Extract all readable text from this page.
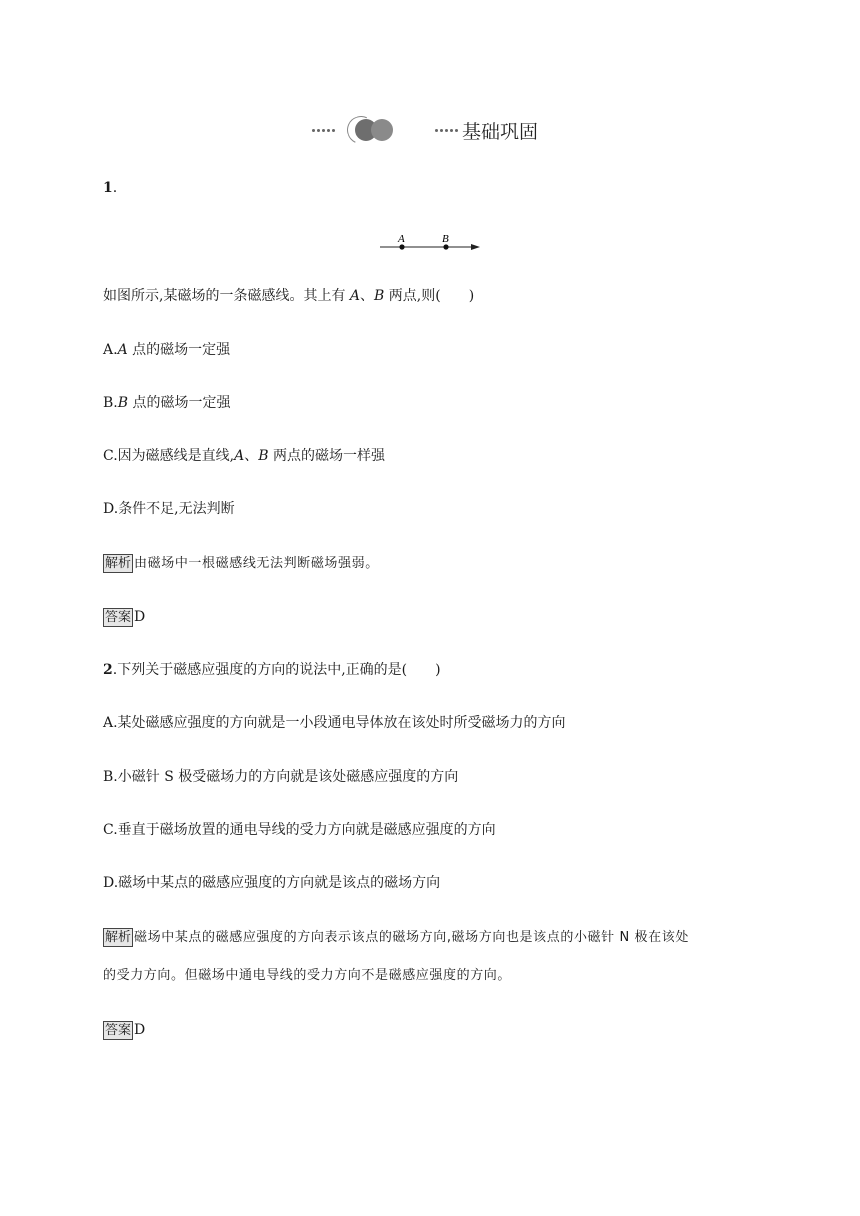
基础巩固
1.
A	B
如图所示,某磁场的一条磁感线。其上有 A、B 两点,则(　　)
A.A 点的磁场一定强
B.B 点的磁场一定强
C.因为磁感线是直线,A、B 两点的磁场一样强
D.条件不足,无法判断
解析 由磁场中一根磁感线无法判断磁场强弱。
答案 D
2.下列关于磁感应强度的方向的说法中,正确的是(　　)
A.某处磁感应强度的方向就是一小段通电导体放在该处时所受磁场力的方向
B.小磁针 S 极受磁场力的方向就是该处磁感应强度的方向
C.垂直于磁场放置的通电导线的受力方向就是磁感应强度的方向
D.磁场中某点的磁感应强度的方向就是该点的磁场方向
解析 磁场中某点的磁感应强度的方向表示该点的磁场方向,磁场方向也是该点的小磁针 N 极在该处
的受力方向。但磁场中通电导线的受力方向不是磁感应强度的方向。
答案 D
